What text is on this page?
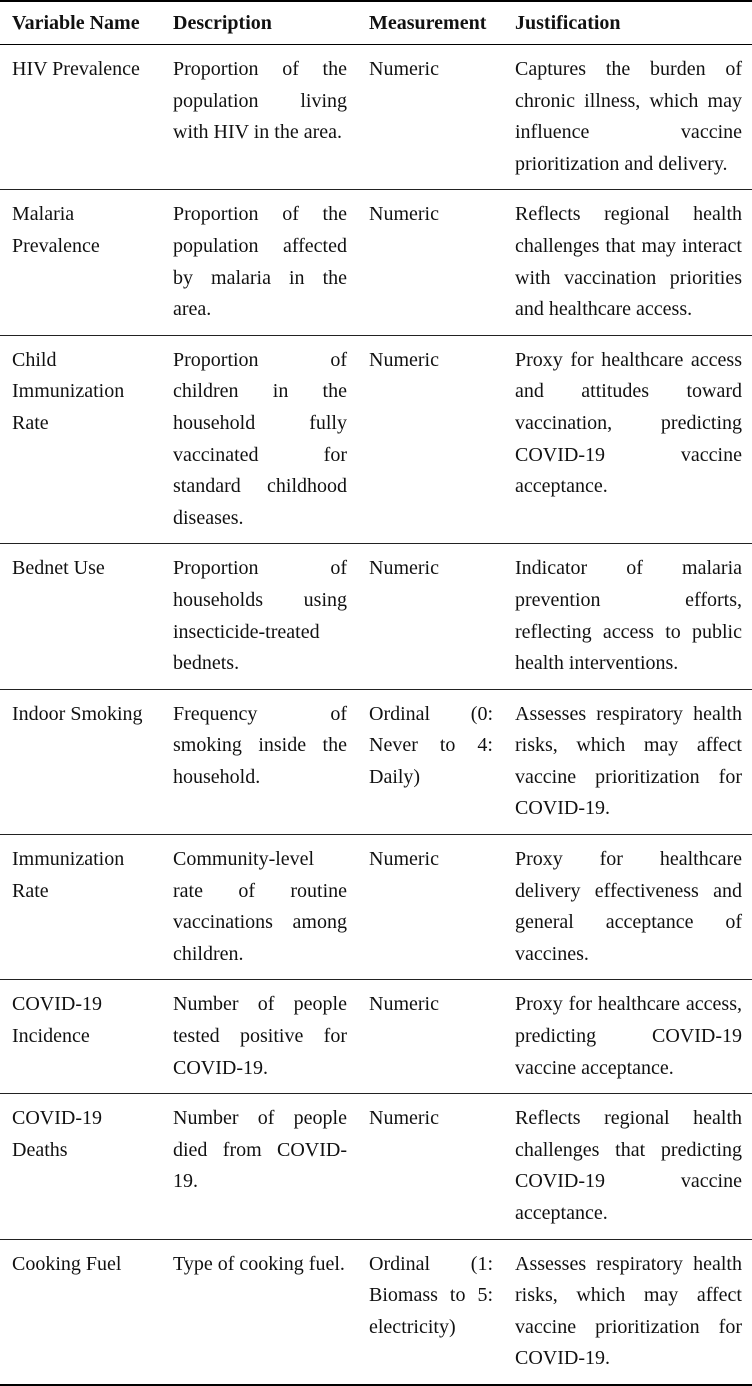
Variable Name	Description	Measurement	Justification
HIV Prevalence	Proportion of the population living with HIV in the area.	Numeric	Captures the burden of chronic illness, which may influence vaccine prioritization and delivery.
Malaria Prevalence	Proportion of the population affected by malaria in the area.	Numeric	Reflects regional health challenges that may interact with vaccination priorities and healthcare access.
Child Immunization Rate	Proportion of children in the household fully vaccinated for standard childhood diseases.	Numeric	Proxy for healthcare access and attitudes toward vaccination, predicting COVID-19 vaccine acceptance.
Bednet Use	Proportion of households using insecticide-treated bednets.	Numeric	Indicator of malaria prevention efforts, reflecting access to public health interventions.
Indoor Smoking	Frequency of smoking inside the household.	Ordinal (0: Never to 4: Daily)	Assesses respiratory health risks, which may affect vaccine prioritization for COVID-19.
Immunization Rate	Community-level rate of routine vaccinations among children.	Numeric	Proxy for healthcare delivery effectiveness and general acceptance of vaccines.
COVID-19 Incidence	Number of people tested positive for COVID-19.	Numeric	Proxy for healthcare access, predicting COVID-19 vaccine acceptance.
COVID-19 Deaths	Number of people died from COVID-19.	Numeric	Reflects regional health challenges that predicting COVID-19 vaccine acceptance.
Cooking Fuel	Type of cooking fuel.	Ordinal (1: Biomass to 5: electricity)	Assesses respiratory health risks, which may affect vaccine prioritization for COVID-19.
